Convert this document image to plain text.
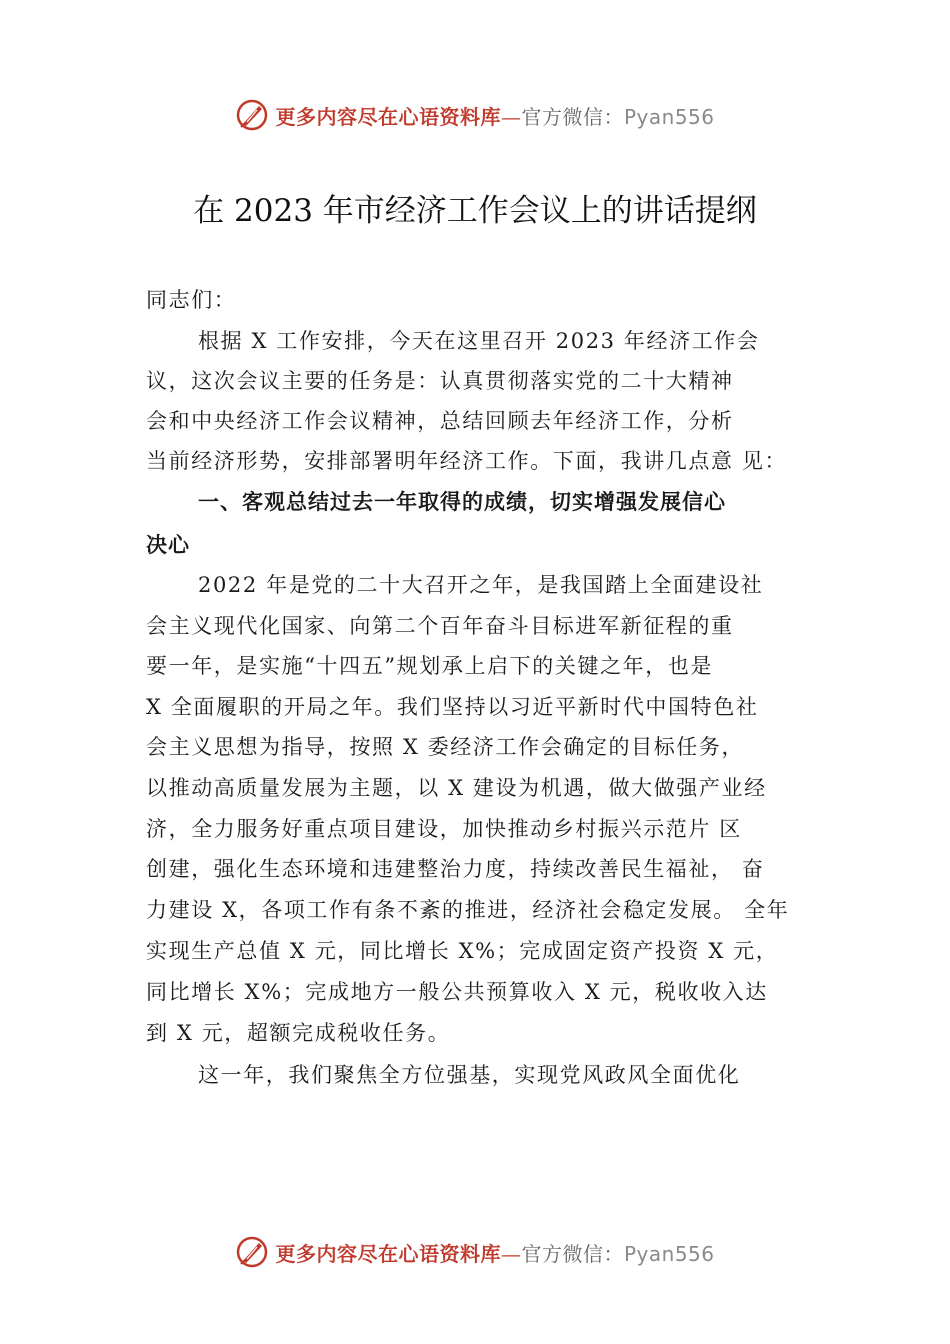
更多内容尽在心语资料库—官方微信：Pyan556
在 2023 年市经济工作会议上的讲话提纲
同志们：
根据 X 工作安排，今天在这里召开 2023 年经济工作会
议，这次会议主要的任务是：认真贯彻落实党的二十大精神
会和中央经济工作会议精神，总结回顾去年经济工作，分析
当前经济形势，安排部署明年经济工作。下面，我讲几点意 见：
一、客观总结过去一年取得的成绩，切实增强发展信心
决心
2022 年是党的二十大召开之年，是我国踏上全面建设社
会主义现代化国家、向第二个百年奋斗目标进军新征程的重
要一年，是实施“十四五”规划承上启下的关键之年，也是
X 全面履职的开局之年。我们坚持以习近平新时代中国特色社
会主义思想为指导，按照 X 委经济工作会确定的目标任务，
以推动高质量发展为主题，以 X 建设为机遇，做大做强产业经
济，全力服务好重点项目建设，加快推动乡村振兴示范片 区
创建，强化生态环境和违建整治力度，持续改善民生福祉， 奋
力建设 X，各项工作有条不紊的推进，经济社会稳定发展。 全年
实现生产总值 X 元，同比增长 X%；完成固定资产投资 X 元，
同比增长 X%；完成地方一般公共预算收入 X 元，税收收入达
到 X 元，超额完成税收任务。
这一年，我们聚焦全方位强基，实现党风政风全面优化
更多内容尽在心语资料库—官方微信：Pyan556
